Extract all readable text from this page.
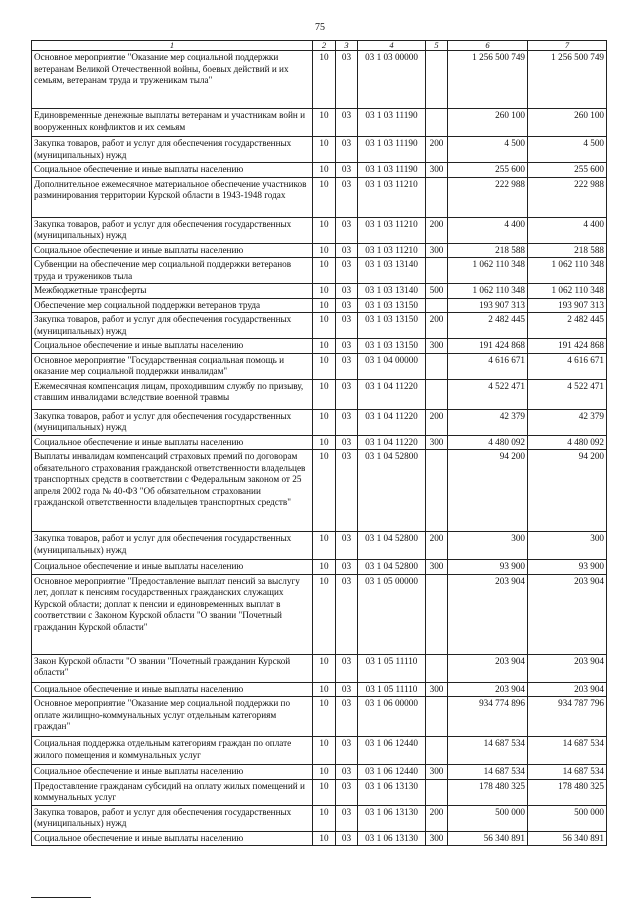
75
1	2	3	4	5	6	7
Основное мероприятие "Оказание мер социальной поддержки ветеранам Великой Отечественной войны, боевых действий и их семьям, ветеранам труда и труженикам тыла"	10	03	03 1 03 00000		1 256 500 749	1 256 500 749
Единовременные денежные выплаты ветеранам и участникам войн и вооруженных конфликтов и их семьям	10	03	03 1 03 11190		260 100	260 100
Закупка товаров, работ и услуг для обеспечения государственных (муниципальных) нужд	10	03	03 1 03 11190	200	4 500	4 500
Социальное обеспечение и иные выплаты населению	10	03	03 1 03 11190	300	255 600	255 600
Дополнительное ежемесячное материальное обеспечение участников разминирования территории Курской области в 1943-1948 годах	10	03	03 1 03 11210		222 988	222 988
Закупка товаров, работ и услуг для обеспечения государственных (муниципальных) нужд	10	03	03 1 03 11210	200	4 400	4 400
Социальное обеспечение и иные выплаты населению	10	03	03 1 03 11210	300	218 588	218 588
Субвенции на обеспечение мер социальной поддержки ветеранов труда и тружеников тыла	10	03	03 1 03 13140		1 062 110 348	1 062 110 348
Межбюджетные трансферты	10	03	03 1 03 13140	500	1 062 110 348	1 062 110 348
Обеспечение мер социальной поддержки ветеранов труда	10	03	03 1 03 13150		193 907 313	193 907 313
Закупка товаров, работ и услуг для обеспечения государственных (муниципальных) нужд	10	03	03 1 03 13150	200	2 482 445	2 482 445
Социальное обеспечение и иные выплаты населению	10	03	03 1 03 13150	300	191 424 868	191 424 868
Основное мероприятие "Государственная социальная помощь и оказание мер социальной поддержки инвалидам"	10	03	03 1 04 00000		4 616 671	4 616 671
Ежемесячная компенсация лицам, проходившим службу по призыву, ставшим инвалидами вследствие военной травмы	10	03	03 1 04 11220		4 522 471	4 522 471
Закупка товаров, работ и услуг для обеспечения государственных (муниципальных) нужд	10	03	03 1 04 11220	200	42 379	42 379
Социальное обеспечение и иные выплаты населению	10	03	03 1 04 11220	300	4 480 092	4 480 092
Выплаты инвалидам компенсаций страховых премий по договорам обязательного страхования гражданской ответственности владельцев транспортных средств в соответствии с Федеральным законом от 25 апреля 2002 года № 40-ФЗ "Об обязательном страховании гражданской ответственности владельцев транспортных средств"	10	03	03 1 04 52800		94 200	94 200
Закупка товаров, работ и услуг для обеспечения государственных (муниципальных) нужд	10	03	03 1 04 52800	200	300	300
Социальное обеспечение и иные выплаты населению	10	03	03 1 04 52800	300	93 900	93 900
Основное мероприятие "Предоставление выплат пенсий за выслугу лет, доплат к пенсиям государственных гражданских служащих Курской области; доплат к пенсии и единовременных выплат в соответствии с Законом Курской области "О звании "Почетный гражданин Курской области"	10	03	03 1 05 00000		203 904	203 904
Закон Курской области "О звании "Почетный гражданин Курской области"	10	03	03 1 05 11110		203 904	203 904
Социальное обеспечение и иные выплаты населению	10	03	03 1 05 11110	300	203 904	203 904
Основное мероприятие "Оказание мер социальной поддержки по оплате жилищно-коммунальных услуг отдельным категориям граждан"	10	03	03 1 06 00000		934 774 896	934 787 796
Социальная поддержка отдельным категориям граждан по оплате жилого помещения и коммунальных услуг	10	03	03 1 06 12440		14 687 534	14 687 534
Социальное обеспечение и иные выплаты населению	10	03	03 1 06 12440	300	14 687 534	14 687 534
Предоставление гражданам субсидий на оплату жилых помещений и коммунальных услуг	10	03	03 1 06 13130		178 480 325	178 480 325
Закупка товаров, работ и услуг для обеспечения государственных (муниципальных) нужд	10	03	03 1 06 13130	200	500 000	500 000
Социальное обеспечение и иные выплаты населению	10	03	03 1 06 13130	300	56 340 891	56 340 891
